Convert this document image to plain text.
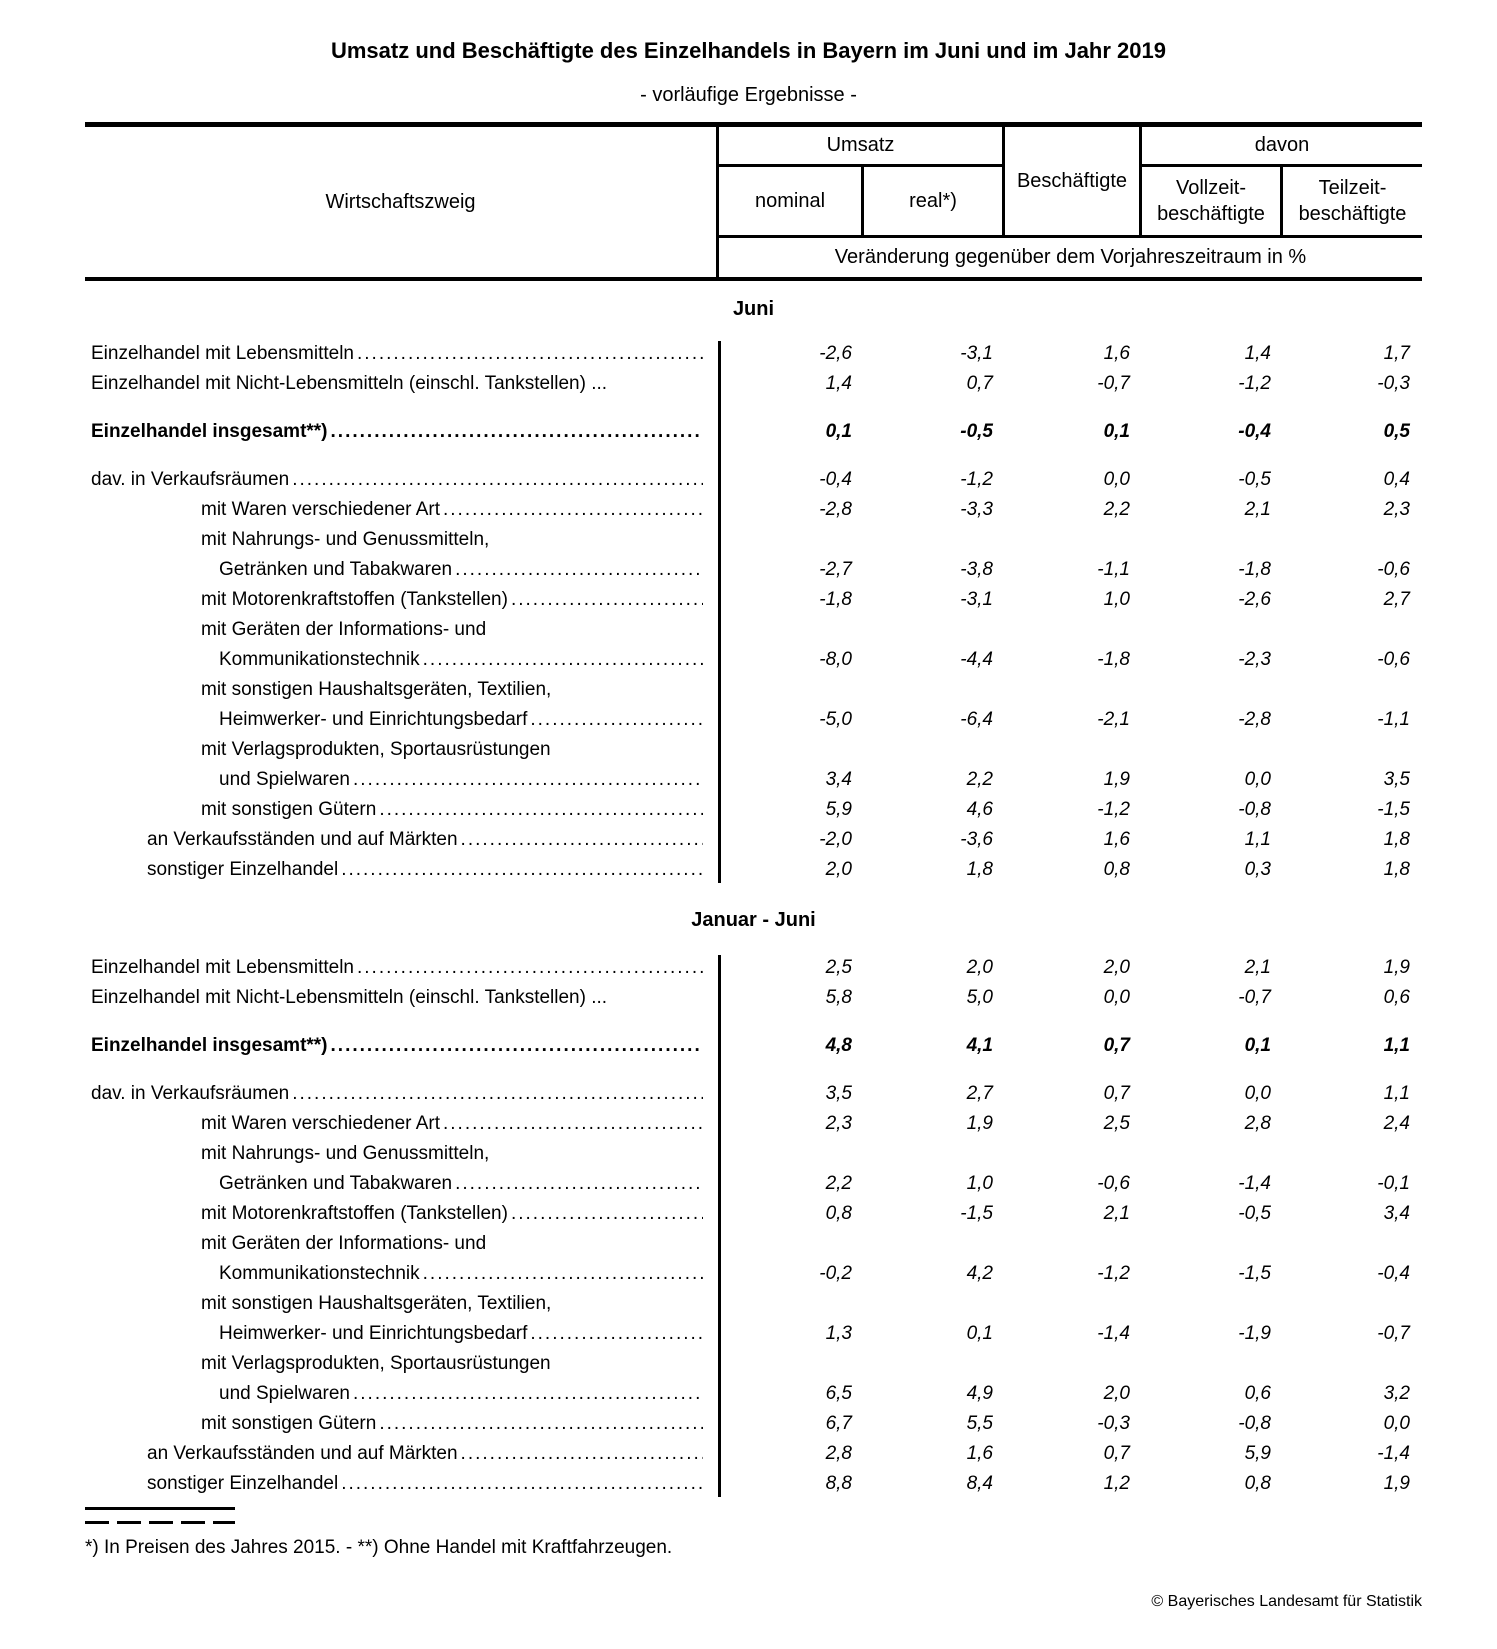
Umsatz und Beschäftigte des Einzelhandels in Bayern im Juni und im Jahr 2019
- vorläufige Ergebnisse -
Wirtschaftszweig
Umsatz
Beschäftigte
davon
nominal	real*)
Vollzeit-
beschäftigte
Teilzeit-
beschäftigte
Veränderung gegenüber dem Vorjahreszeitraum in %
Juni
Einzelhandel mit Lebensmitteln .....	-2,6	-3,1	1,6	1,4	1,7
Einzelhandel mit Nicht-Lebensmitteln (einschl. Tankstellen) ...	1,4	0,7	-0,7	-1,2	-0,3
Einzelhandel insgesamt**) .....	0,1	-0,5	0,1	-0,4	0,5
dav. in Verkaufsräumen .....	-0,4	-1,2	0,0	-0,5	0,4
mit Waren verschiedener Art .....	-2,8	-3,3	2,2	2,1	2,3
mit Nahrungs- und Genussmitteln,
Getränken und Tabakwaren .....	-2,7	-3,8	-1,1	-1,8	-0,6
mit Motorenkraftstoffen (Tankstellen) .....	-1,8	-3,1	1,0	-2,6	2,7
mit Geräten der Informations- und
Kommunikationstechnik .....	-8,0	-4,4	-1,8	-2,3	-0,6
mit sonstigen Haushaltsgeräten, Textilien,
Heimwerker- und Einrichtungsbedarf .....	-5,0	-6,4	-2,1	-2,8	-1,1
mit Verlagsprodukten, Sportausrüstungen
und Spielwaren .....	3,4	2,2	1,9	0,0	3,5
mit sonstigen Gütern .....	5,9	4,6	-1,2	-0,8	-1,5
an Verkaufsständen und auf Märkten .....	-2,0	-3,6	1,6	1,1	1,8
sonstiger Einzelhandel .....	2,0	1,8	0,8	0,3	1,8
Januar - Juni
Einzelhandel mit Lebensmitteln .....	2,5	2,0	2,0	2,1	1,9
Einzelhandel mit Nicht-Lebensmitteln (einschl. Tankstellen) ...	5,8	5,0	0,0	-0,7	0,6
Einzelhandel insgesamt**) .....	4,8	4,1	0,7	0,1	1,1
dav. in Verkaufsräumen .....	3,5	2,7	0,7	0,0	1,1
mit Waren verschiedener Art .....	2,3	1,9	2,5	2,8	2,4
mit Nahrungs- und Genussmitteln,
Getränken und Tabakwaren .....	2,2	1,0	-0,6	-1,4	-0,1
mit Motorenkraftstoffen (Tankstellen) .....	0,8	-1,5	2,1	-0,5	3,4
mit Geräten der Informations- und
Kommunikationstechnik .....	-0,2	4,2	-1,2	-1,5	-0,4
mit sonstigen Haushaltsgeräten, Textilien,
Heimwerker- und Einrichtungsbedarf .....	1,3	0,1	-1,4	-1,9	-0,7
mit Verlagsprodukten, Sportausrüstungen
und Spielwaren .....	6,5	4,9	2,0	0,6	3,2
mit sonstigen Gütern .....	6,7	5,5	-0,3	-0,8	0,0
an Verkaufsständen und auf Märkten .....	2,8	1,6	0,7	5,9	-1,4
sonstiger Einzelhandel .....	8,8	8,4	1,2	0,8	1,9
*) In Preisen des Jahres 2015. - **) Ohne Handel mit Kraftfahrzeugen.
© Bayerisches Landesamt für Statistik
